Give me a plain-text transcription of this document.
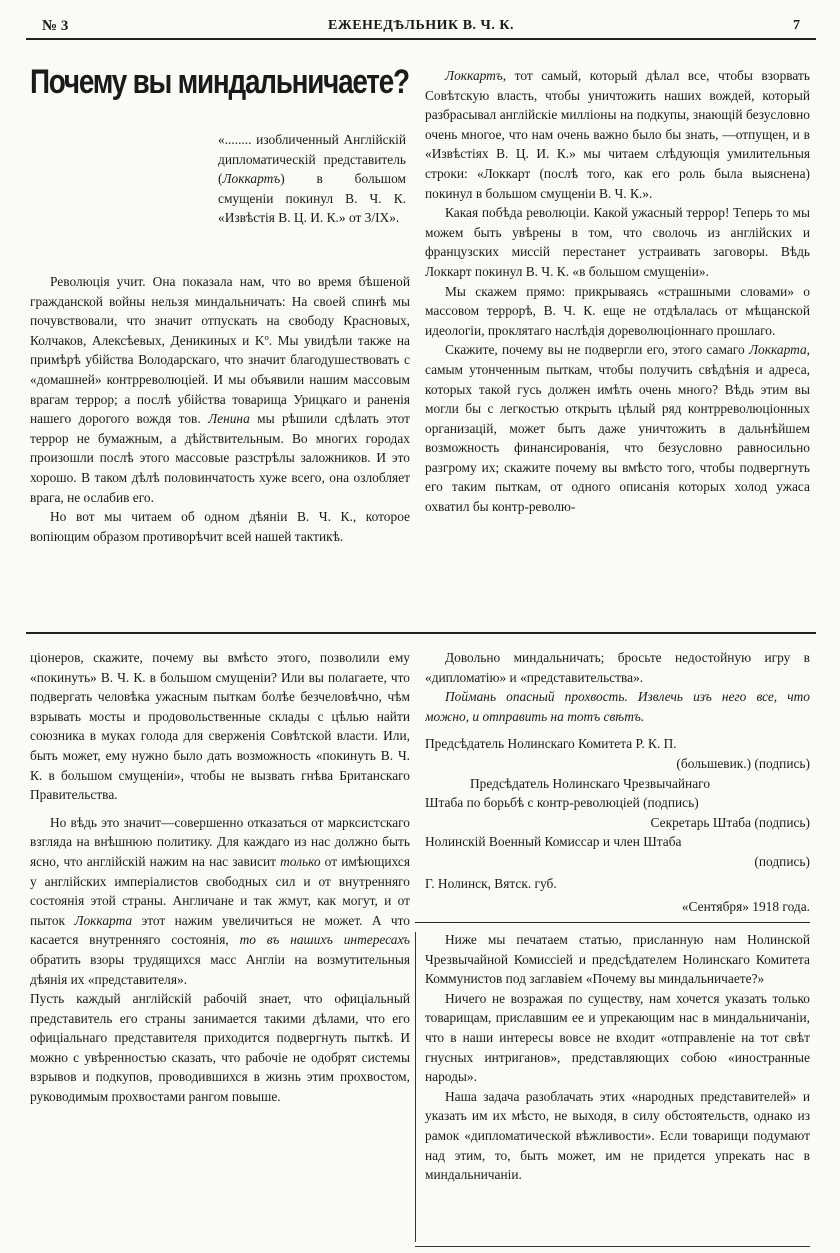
№ 3	ЕЖЕНЕДѢЛЬНИК В. Ч. К.	7
Почему вы миндальничаете?

«........ изобличенный Англійскій дипломатическій представитель (Локкартъ) в большом смущеніи покинул В. Ч. К. «Извѣстія В. Ц. И. К.» от 3/IX».

Революція учит. Она показала нам, что во время бѣшеной гражданской войны нельзя миндальничать: На своей спинѣ мы почувствовали, что значит отпускать на свободу Красновых, Колчаков, Алексѣевых, Деникиных и Kº. Мы увидѣли также на примѣрѣ убійства Володарскаго, что значит благодушествовать с «домашней» контрреволюціей. И мы объявили нашим массовым врагам террор; а послѣ убійства товарища Урицкаго и раненія нашего дорогого вождя тов. Ленина мы рѣшили сдѣлать этот террор не бумажным, а дѣйствительным. Во многих городах произошли послѣ этого массовые разстрѣлы заложников. И это хорошо. В таком дѣлѣ половинчатость хуже всего, она озлобляет врага, не ослабив его.

Но вот мы читаем об одном дѣяніи В. Ч. К., которое вопіющим образом противорѣчит всей нашей тактикѣ.

Локкартъ, тот самый, который дѣлал все, чтобы взорвать Совѣтскую власть, чтобы уничтожить наших вождей, который разбрасывал англійскіе милліоны на подкупы, знающій безусловно очень многое, что нам очень важно было бы знать, —отпущен, и в «Извѣстіях В. Ц. И. К.» мы читаем слѣдующія умилительныя строки: «Локкарт (послѣ того, как его роль была выяснена) покинул в большом смущеніи В. Ч. К.».

Какая побѣда революціи. Какой ужасный террор! Теперь то мы можем быть увѣрены в том, что сволочь из англійских и французских миссій перестанет устраивать заговоры. Вѣдь Локкарт покинул В. Ч. К. «в большом смущеніи».

Мы скажем прямо: прикрываясь «страшными словами» о массовом террорѣ, В. Ч. К. еще не отдѣлалась от мѣщанской идеологіи, проклятаго наслѣдія дореволюціоннаго прошлаго.

Скажите, почему вы не подвергли его, этого самаго Локкарта, самым утонченным пыткам, чтобы получить свѣдѣнія и адреса, которых такой гусь должен имѣть очень много? Вѣдь этим вы могли бы с легкостью открыть цѣлый ряд контрреволюціонных организацій, может быть даже уничтожить в дальнѣйшем возможность финансированія, что безусловно равносильно разгрому их; скажите почему вы вмѣсто того, чтобы подвергнуть его таким пыткам, от одного описанія которых холод ужаса охватил бы контр-револю-

ціонеров, скажите, почему вы вмѣсто этого, позволили ему «покинуть» В. Ч. К. в большом смущеніи? Или вы полагаете, что подвергать человѣка ужасным пыткам болѣе безчеловѣчно, чѣм взрывать мосты и продовольственные склады с цѣлью найти союзника в муках голода для сверженія Совѣтской власти. Или, быть может, ему нужно было дать возможность «покинуть В. Ч. К. в большом смущеніи», чтобы не вызвать гнѣва Британскаго Правительства.

Но вѣдь это значит—совершенно отказаться от марксистскаго взгляда на внѣшнюю политику. Для каждаго из нас должно быть ясно, что англійскій нажим на нас зависит только от имѣющихся у англійских имперіалистов свободных сил и от внутренняго состоянія этой страны. Англичане и так жмут, как могут, и от пыток Локкарта этот нажим увеличиться не может. А что касается внутренняго состоянія, то въ нашихъ интересахъ обратить взоры трудящихся масс Англіи на возмутительныя дѣянія их «представителя».

Пусть каждый англійскій рабочій знает, что офиціальный представитель его страны занимается такими дѣлами, что его офиціальнаго представителя приходится подвергнуть пыткѣ. И можно с увѣренностью сказать, что рабочіе не одобрят системы взрывов и подкупов, проводившихся в жизнь этим прохвостом, руководимым прохвостами рангом повыше.

Довольно миндальничать; бросьте недостойную игру в «дипломатію» и «представительства».

Поймань опасный прохвость. Извлечь изъ него все, что можно, и отправить на тотъ свѣтъ.

Предсѣдатель Нолинскаго Комитета Р. К. П.

(большевик.) (подпись)

Предсѣдатель Нолинскаго Чрезвычайнаго

Штаба по борьбѣ с контр-революціей (подпись)

Секретарь Штаба (подпись)

Нолинскій Военный Комиссар и член Штаба

(подпись)

Г. Нолинск, Вятск. губ.

«Сентября» 1918 года.

Ниже мы печатаем статью, присланную нам Нолинской Чрезвычайной Комиссіей и предсѣдателем Нолинскаго Комитета Коммунистов под заглавіем «Почему вы миндальничаете?»

Ничего не возражая по существу, нам хочется указать только товарищам, приславшим ее и упрекающим нас в миндальничаніи, что в наши интересы вовсе не входит «отправленіе на тот свѣт гнусных интриганов», представляющих собою «иностранные народы».

Наша задача разоблачать этих «народных представителей» и указать им их мѣсто, не выходя, в силу обстоятельств, однако из рамок «дипломатической вѣжливости». Если товарищи подумают над этим, то, быть может, им не придется упрекать нас в миндальничаніи.
